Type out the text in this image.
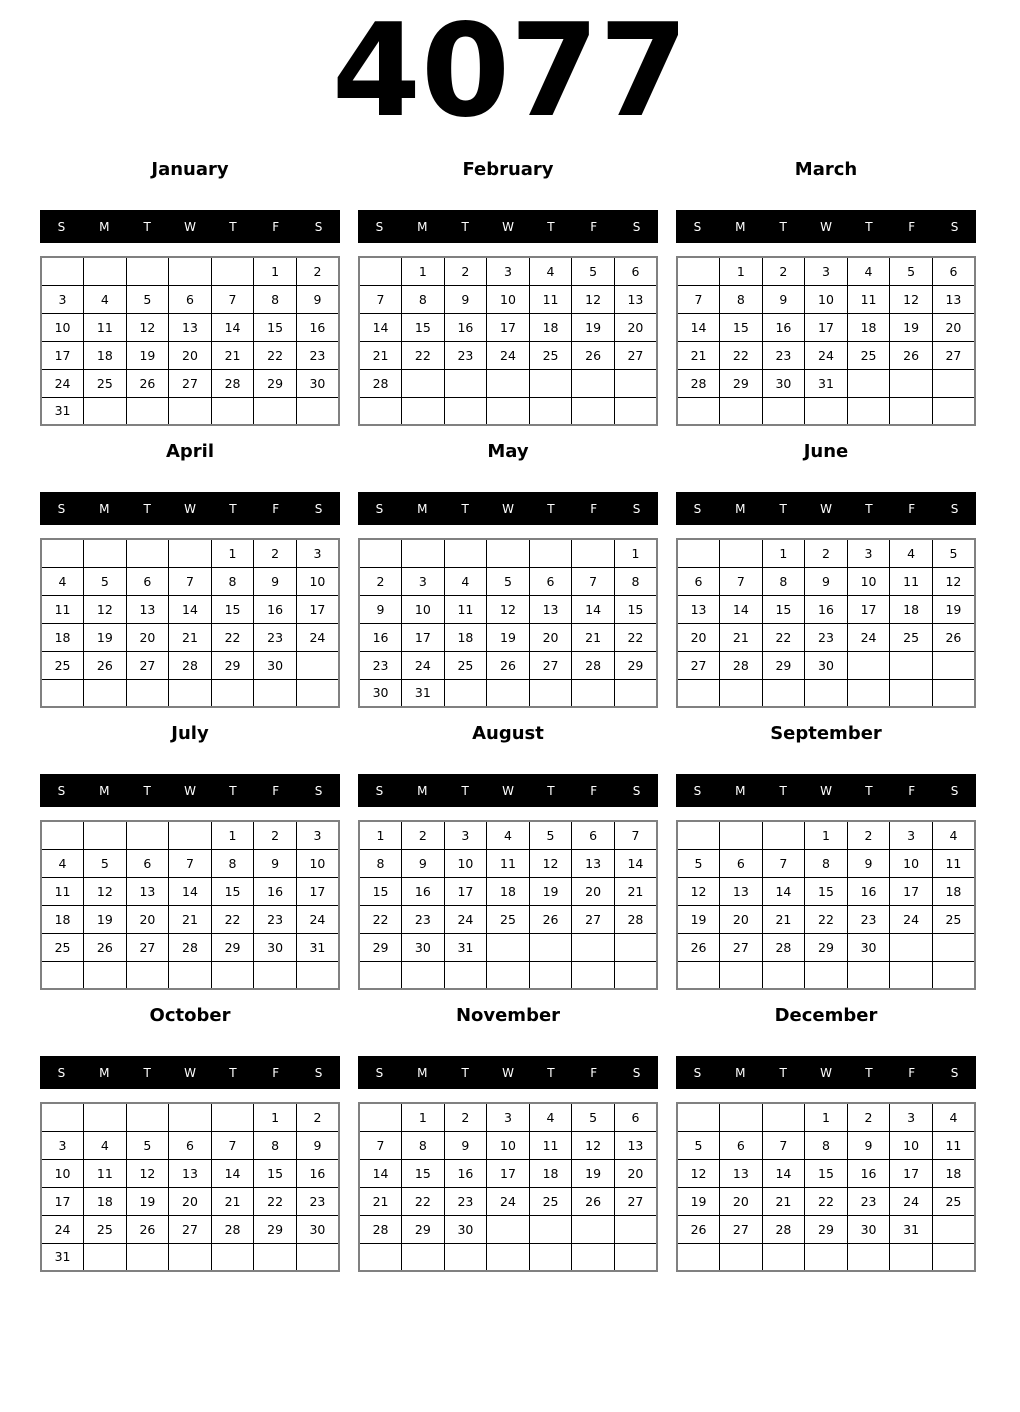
4077
January
S	M	T	W	T	F	S
					1	2
3	4	5	6	7	8	9
10	11	12	13	14	15	16
17	18	19	20	21	22	23
24	25	26	27	28	29	30
31						
February
S	M	T	W	T	F	S
	1	2	3	4	5	6
7	8	9	10	11	12	13
14	15	16	17	18	19	20
21	22	23	24	25	26	27
28						

March
S	M	T	W	T	F	S
	1	2	3	4	5	6
7	8	9	10	11	12	13
14	15	16	17	18	19	20
21	22	23	24	25	26	27
28	29	30	31			

April
S	M	T	W	T	F	S
				1	2	3
4	5	6	7	8	9	10
11	12	13	14	15	16	17
18	19	20	21	22	23	24
25	26	27	28	29	30	

May
S	M	T	W	T	F	S
						1
2	3	4	5	6	7	8
9	10	11	12	13	14	15
16	17	18	19	20	21	22
23	24	25	26	27	28	29
30	31					
June
S	M	T	W	T	F	S
		1	2	3	4	5
6	7	8	9	10	11	12
13	14	15	16	17	18	19
20	21	22	23	24	25	26
27	28	29	30			

July
S	M	T	W	T	F	S
				1	2	3
4	5	6	7	8	9	10
11	12	13	14	15	16	17
18	19	20	21	22	23	24
25	26	27	28	29	30	31

August
S	M	T	W	T	F	S
1	2	3	4	5	6	7
8	9	10	11	12	13	14
15	16	17	18	19	20	21
22	23	24	25	26	27	28
29	30	31				

September
S	M	T	W	T	F	S
			1	2	3	4
5	6	7	8	9	10	11
12	13	14	15	16	17	18
19	20	21	22	23	24	25
26	27	28	29	30		

October
S	M	T	W	T	F	S
					1	2
3	4	5	6	7	8	9
10	11	12	13	14	15	16
17	18	19	20	21	22	23
24	25	26	27	28	29	30
31						
November
S	M	T	W	T	F	S
	1	2	3	4	5	6
7	8	9	10	11	12	13
14	15	16	17	18	19	20
21	22	23	24	25	26	27
28	29	30				

December
S	M	T	W	T	F	S
			1	2	3	4
5	6	7	8	9	10	11
12	13	14	15	16	17	18
19	20	21	22	23	24	25
26	27	28	29	30	31	
